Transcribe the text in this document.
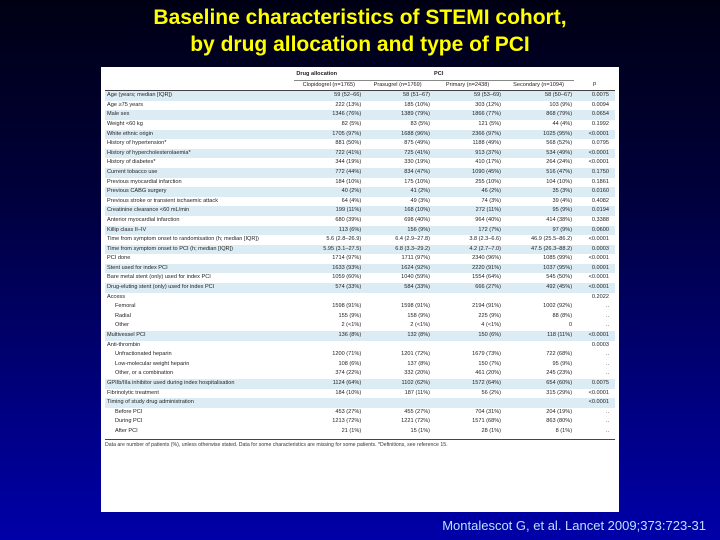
Baseline characteristics of STEMI cohort,
by drug allocation and type of PCI
	Drug allocation		PCI		
	Clopidogrel (n=1765)	Prasugrel (n=1769)	Primary (n=2438)	Secondary (n=1094)	p
Age (years; median [IQR])	59 (52–66)	58 (51–67)	59 (53–69)	58 (50–67)	0.0075
Age ≥75 years	222 (13%)	185 (10%)	303 (12%)	103 (9%)	0.0094
Male sex	1346 (76%)	1389 (79%)	1866 (77%)	868 (79%)	0.0654
Weight <60 kg	82 (5%)	83 (5%)	121 (5%)	44 (4%)	0.1992
White ethnic origin	1705 (97%)	1688 (96%)	2366 (97%)	1025 (95%)	<0.0001
History of hypertension*	881 (50%)	875 (49%)	1188 (49%)	568 (52%)	0.0795
History of hypercholesterolaemia*	722 (41%)	725 (41%)	913 (37%)	534 (49%)	<0.0001
History of diabetes*	344 (19%)	330 (19%)	410 (17%)	264 (24%)	<0.0001
Current tobacco use	772 (44%)	834 (47%)	1090 (45%)	516 (47%)	0.1750
Previous myocardial infarction	184 (10%)	175 (10%)	255 (10%)	104 (10%)	0.1861
Previous CABG surgery	40 (2%)	41 (2%)	46 (2%)	35 (3%)	0.0160
Previous stroke or transient ischaemic attack	64 (4%)	49 (3%)	74 (3%)	39 (4%)	0.4082
Creatinine clearance <60 mL/min	199 (11%)	168 (10%)	272 (11%)	95 (9%)	0.0194
Anterior myocardial infarction	680 (39%)	698 (40%)	964 (40%)	414 (38%)	0.3388
Killip class II–IV	113 (6%)	156 (9%)	172 (7%)	97 (9%)	0.0600
Time from symptom onset to randomisation (h; median [IQR])	5.6 (2.8–26.9)	6.4 (2.9–27.8)	3.8 (2.3–6.6)	46.9 (25.5–86.2)	<0.0001
Time from symptom onset to PCI (h; median [IQR])	5.95 (3.1–27.5)	6.8 (3.3–29.2)	4.2 (2.7–7.0)	47.5 (26.3–88.2)	0.0003
PCI done	1714 (97%)	1711 (97%)	2340 (96%)	1085 (99%)	<0.0001
Stent used for index PCI	1633 (93%)	1624 (92%)	2220 (91%)	1037 (95%)	0.0001
Bare metal stent (only) used for index PCI	1059 (60%)	1040 (59%)	1554 (64%)	545 (50%)	<0.0001
Drug-eluting stent (only) used for index PCI	574 (33%)	584 (33%)	666 (27%)	492 (45%)	<0.0001
Access					0.2022
Femoral	1598 (91%)	1598 (91%)	2194 (91%)	1002 (92%)	..
Radial	155 (9%)	158 (9%)	225 (9%)	88 (8%)	..
Other	2 (<1%)	2 (<1%)	4 (<1%)	0	..
Multivessel PCI	136 (8%)	132 (8%)	150 (6%)	118 (11%)	<0.0001
Anti-thrombin					0.0003
Unfractionated heparin	1200 (71%)	1201 (72%)	1679 (73%)	722 (68%)	..
Low-molecular weight heparin	108 (6%)	137 (8%)	150 (7%)	95 (9%)	..
Other, or a combination	374 (22%)	332 (20%)	461 (20%)	245 (23%)	..
GPIIb/IIIa inhibitor used during index hospitalisation	1124 (64%)	1102 (62%)	1572 (64%)	654 (60%)	0.0075
Fibrinolytic treatment	184 (10%)	187 (11%)	56 (2%)	315 (29%)	<0.0001
Timing of study drug administration					<0.0001
Before PCI	453 (27%)	455 (27%)	704 (31%)	204 (19%)	..
During PCI	1213 (72%)	1221 (72%)	1571 (68%)	863 (80%)	..
After PCI	21 (1%)	15 (1%)	28 (1%)	8 (1%)	..
Data are number of patients (%), unless otherwise stated. Data for some characteristics are missing for some patients. *Definitions, see reference 15.
Montalescot G, et al. Lancet 2009;373:723-31
